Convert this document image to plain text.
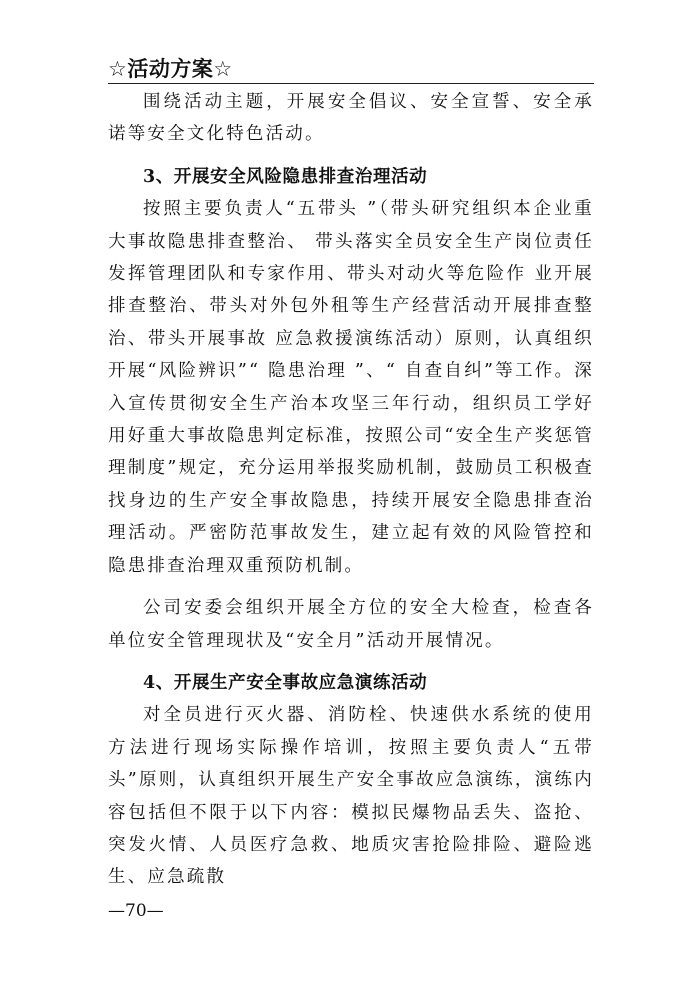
☆活动方案☆

围绕活动主题，开展安全倡议、安全宣誓、安全承诺等安全文化特色活动。

3、开展安全风险隐患排查治理活动

按照主要负责人“五带头 ”（带头研究组织本企业重大事故隐患排查整治、 带头落实全员安全生产岗位责任发挥管理团队和专家作用、带头对动火等危险作 业开展排查整治、带头对外包外租等生产经营活动开展排查整治、带头开展事故 应急救援演练活动）原则，认真组织开展“风险辨识”“ 隐患治理 ”、“ 自查自纠”等工作。深入宣传贯彻安全生产治本攻坚三年行动，组织员工学好用好重大事故隐患判定标准，按照公司“安全生产奖惩管理制度”规定，充分运用举报奖励机制，鼓励员工积极查找身边的生产安全事故隐患，持续开展安全隐患排查治理活动。严密防范事故发生，建立起有效的风险管控和隐患排查治理双重预防机制。

公司安委会组织开展全方位的安全大检查，检查各单位安全管理现状及“安全月”活动开展情况。

4、开展生产安全事故应急演练活动

对全员进行灭火器、消防栓、快速供水系统的使用方法进行现场实际操作培训，按照主要负责人“五带头”原则，认真组织开展生产安全事故应急演练，演练内容包括但不限于以下内容：模拟民爆物品丢失、盗抢、突发火情、人员医疗急救、地质灾害抢险排险、避险逃生、应急疏散

—70—
